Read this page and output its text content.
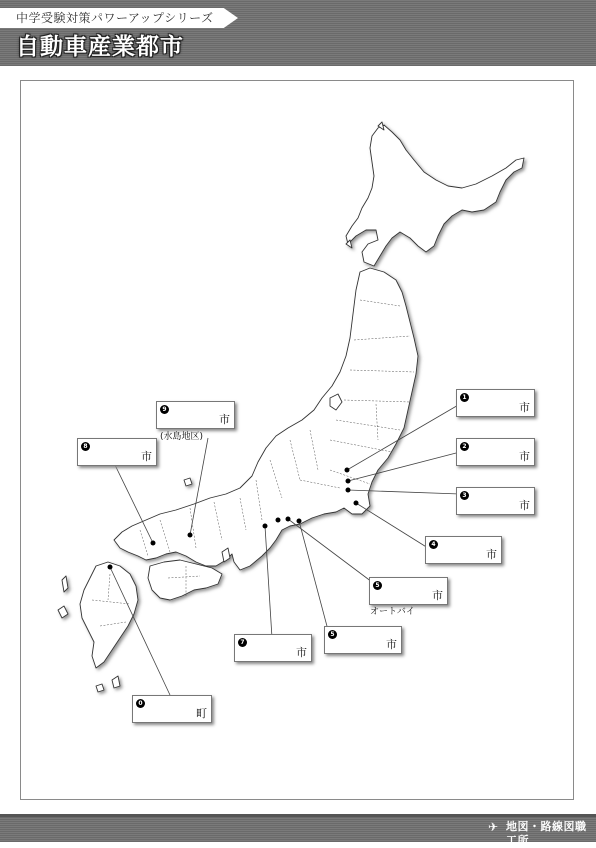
中学受験対策パワーアップシリーズ
自動車産業都市
1
市
2
市
3
市
4
市
5
市
オートバイ
5
市
7
市
8
市
9
市
(水島地区)
0
町
✈ 地図・路線図職工所
